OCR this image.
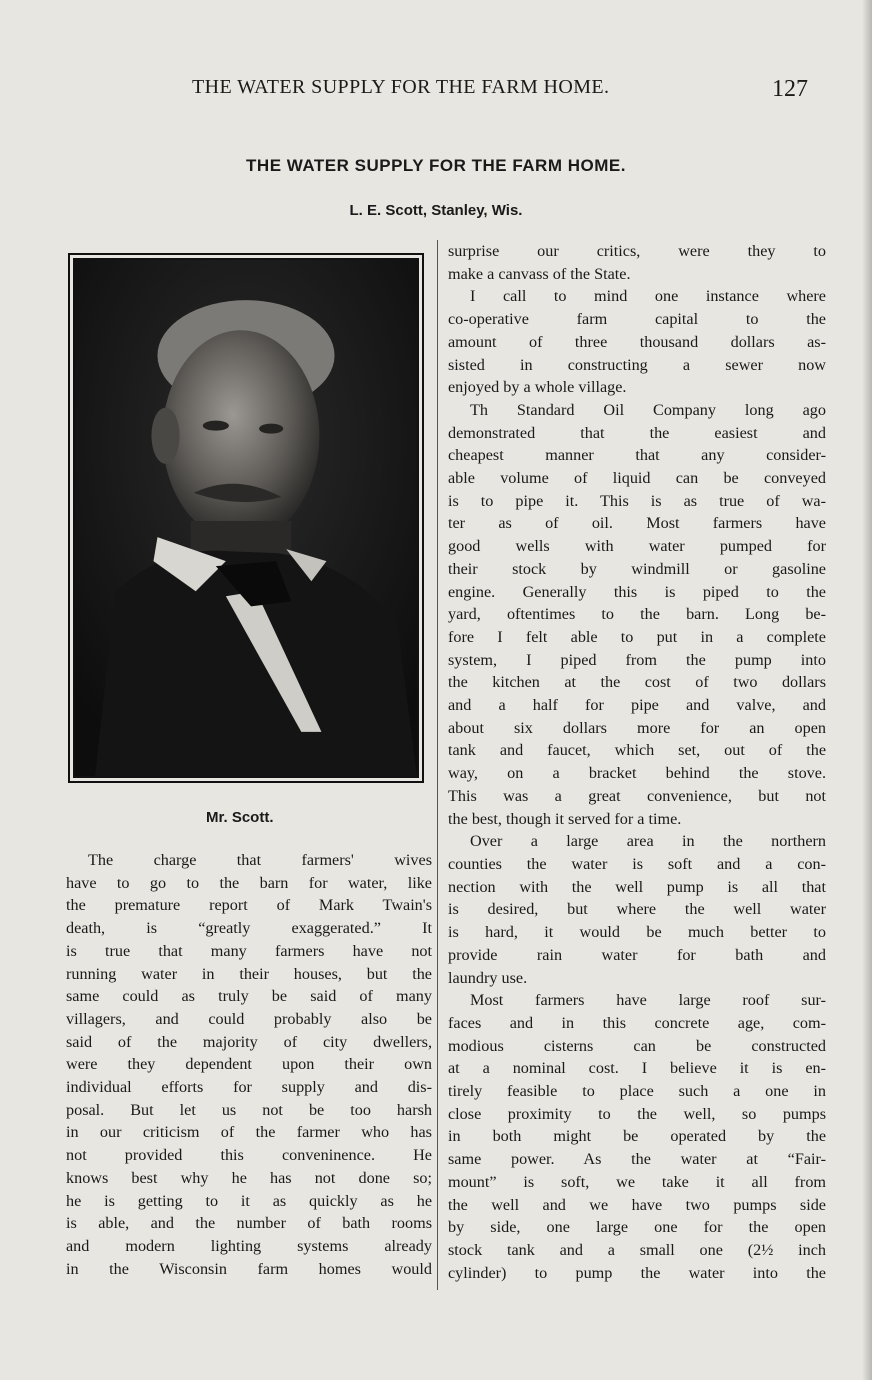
THE WATER SUPPLY FOR THE FARM HOME.	127
THE WATER SUPPLY FOR THE FARM HOME.
L. E. Scott, Stanley, Wis.
Mr. Scott.
The charge that farmers' wives
have to go to the barn for water, like
the premature report of Mark Twain's
death, is “greatly exaggerated.” It
is true that many farmers have not
running water in their houses, but the
same could as truly be said of many
villagers, and could probably also be
said of the majority of city dwellers,
were they dependent upon their own
individual efforts for supply and dis-
posal. But let us not be too harsh
in our criticism of the farmer who has
not provided this conveninence. He
knows best why he has not done so;
he is getting to it as quickly as he
is able, and the number of bath rooms
and modern lighting systems already
in the Wisconsin farm homes would
surprise our critics, were they to
make a canvass of the State.
I call to mind one instance where
co-operative farm capital to the
amount of three thousand dollars as-
sisted in constructing a sewer now
enjoyed by a whole village.
Th Standard Oil Company long ago
demonstrated that the easiest and
cheapest manner that any consider-
able volume of liquid can be conveyed
is to pipe it. This is as true of wa-
ter as of oil. Most farmers have
good wells with water pumped for
their stock by windmill or gasoline
engine. Generally this is piped to the
yard, oftentimes to the barn. Long be-
fore I felt able to put in a complete
system, I piped from the pump into
the kitchen at the cost of two dollars
and a half for pipe and valve, and
about six dollars more for an open
tank and faucet, which set, out of the
way, on a bracket behind the stove.
This was a great convenience, but not
the best, though it served for a time.
Over a large area in the northern
counties the water is soft and a con-
nection with the well pump is all that
is desired, but where the well water
is hard, it would be much better to
provide rain water for bath and
laundry use.
Most farmers have large roof sur-
faces and in this concrete age, com-
modious cisterns can be constructed
at a nominal cost. I believe it is en-
tirely feasible to place such a one in
close proximity to the well, so pumps
in both might be operated by the
same power. As the water at “Fair-
mount” is soft, we take it all from
the well and we have two pumps side
by side, one large one for the open
stock tank and a small one (2½ inch
cylinder) to pump the water into the
